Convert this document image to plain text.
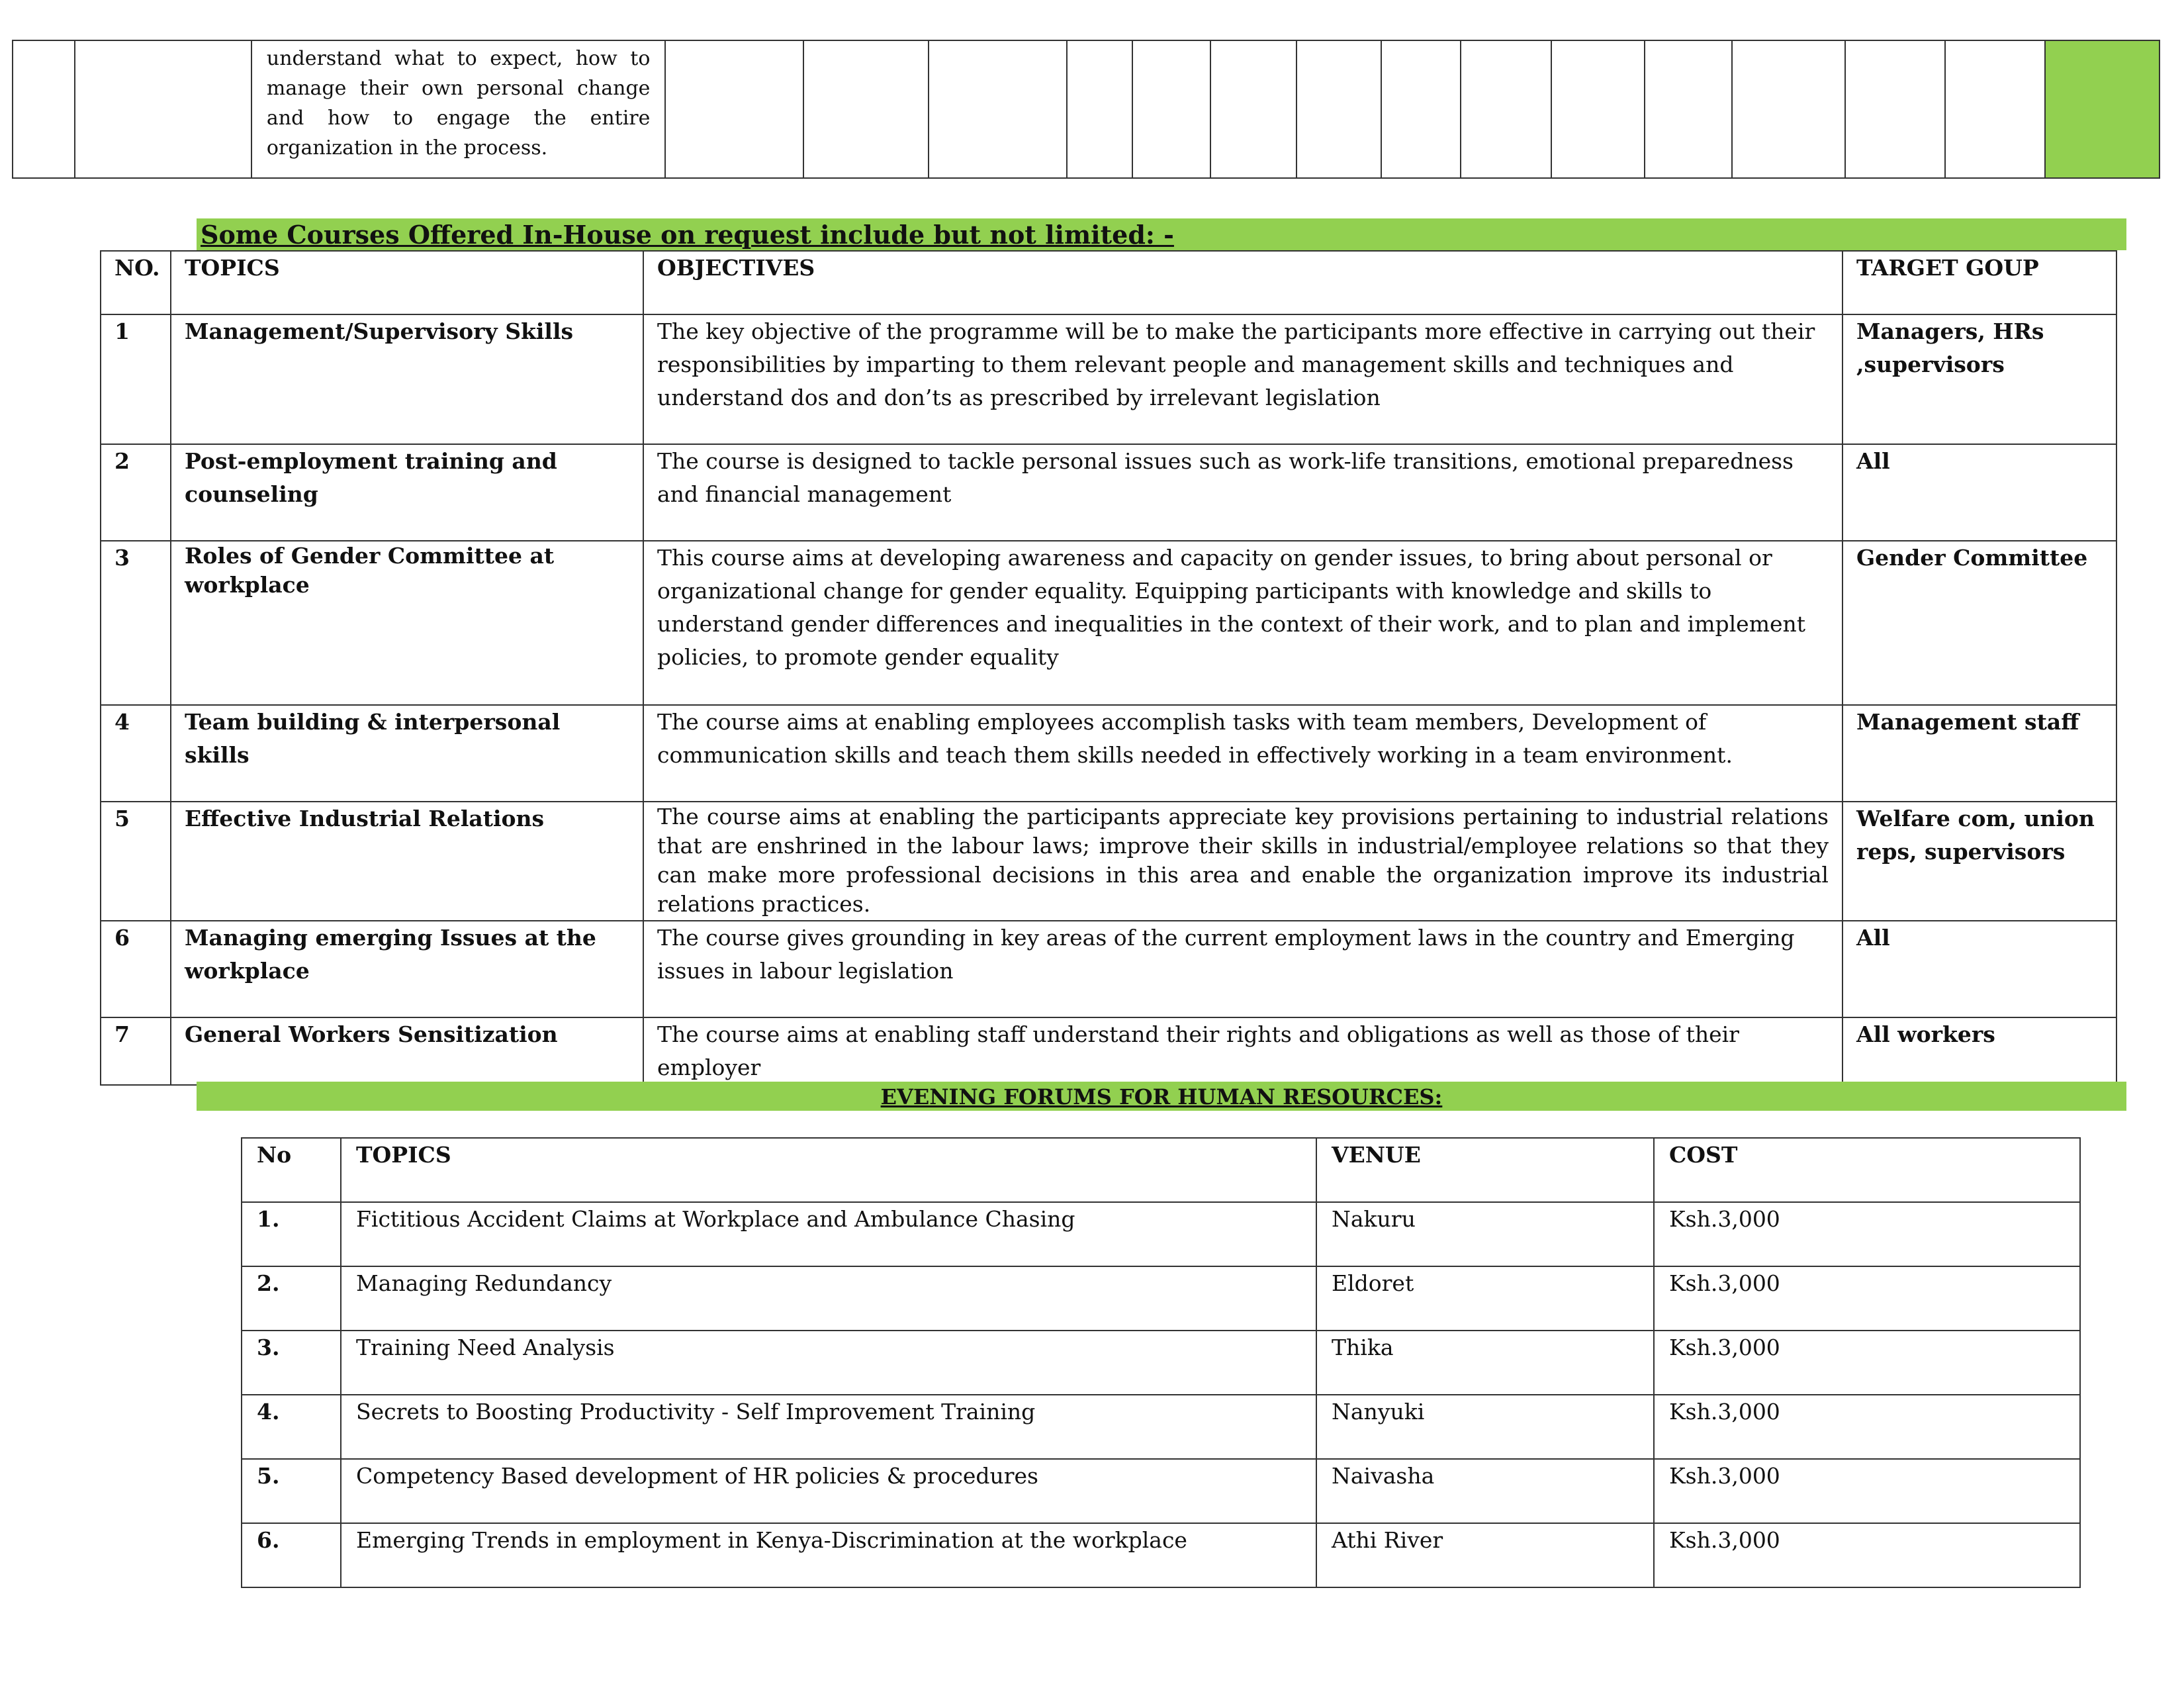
		understand what to expect, how to manage their own personal change and how to engage the entire organization in the process.															
Some Courses Offered In-House on request include but not limited: -
NO.	TOPICS	OBJECTIVES	TARGET GOUP
1	Management/Supervisory Skills	The key objective of the programme will be to make the participants more effective in carrying out their responsibilities by imparting to them relevant people and management skills and techniques and understand dos and don’ts as prescribed by irrelevant legislation	Managers, HRs ,supervisors
2	Post-employment training and counseling	The course is designed to tackle personal issues such as work-life transitions, emotional preparedness and financial management	All
3	Roles of Gender Committee at workplace	This course aims at developing awareness and capacity on gender issues, to bring about personal or organizational change for gender equality. Equipping participants with knowledge and skills to understand gender differences and inequalities in the context of their work, and to plan and implement policies, to promote gender equality	Gender Committee
4	Team building & interpersonal skills	The course aims at enabling employees accomplish tasks with team members, Development of communication skills and teach them skills needed in effectively working in a team environment.	Management staff
5	Effective Industrial Relations	The course aims at enabling the participants appreciate key provisions pertaining to industrial relations that are enshrined in the labour laws; improve their skills in industrial/employee relations so that they can make more professional decisions in this area and enable the organization improve its industrial relations practices.	Welfare com, union reps, supervisors
6	Managing emerging Issues at the workplace	The course gives grounding in key areas of the current employment laws in the country and Emerging issues in labour legislation	All
7	General Workers Sensitization	The course aims at enabling staff understand their rights and obligations as well as those of their employer	All workers
EVENING FORUMS FOR HUMAN RESOURCES:
No	TOPICS	VENUE	COST
1.	Fictitious Accident Claims at Workplace and Ambulance Chasing	Nakuru	Ksh.3,000
2.	Managing Redundancy	Eldoret	Ksh.3,000
3.	Training Need Analysis	Thika	Ksh.3,000
4.	Secrets to Boosting Productivity - Self Improvement Training	Nanyuki	Ksh.3,000
5.	Competency Based development of HR policies & procedures	Naivasha	Ksh.3,000
6.	Emerging Trends in employment in Kenya-Discrimination at the workplace	Athi River	Ksh.3,000
